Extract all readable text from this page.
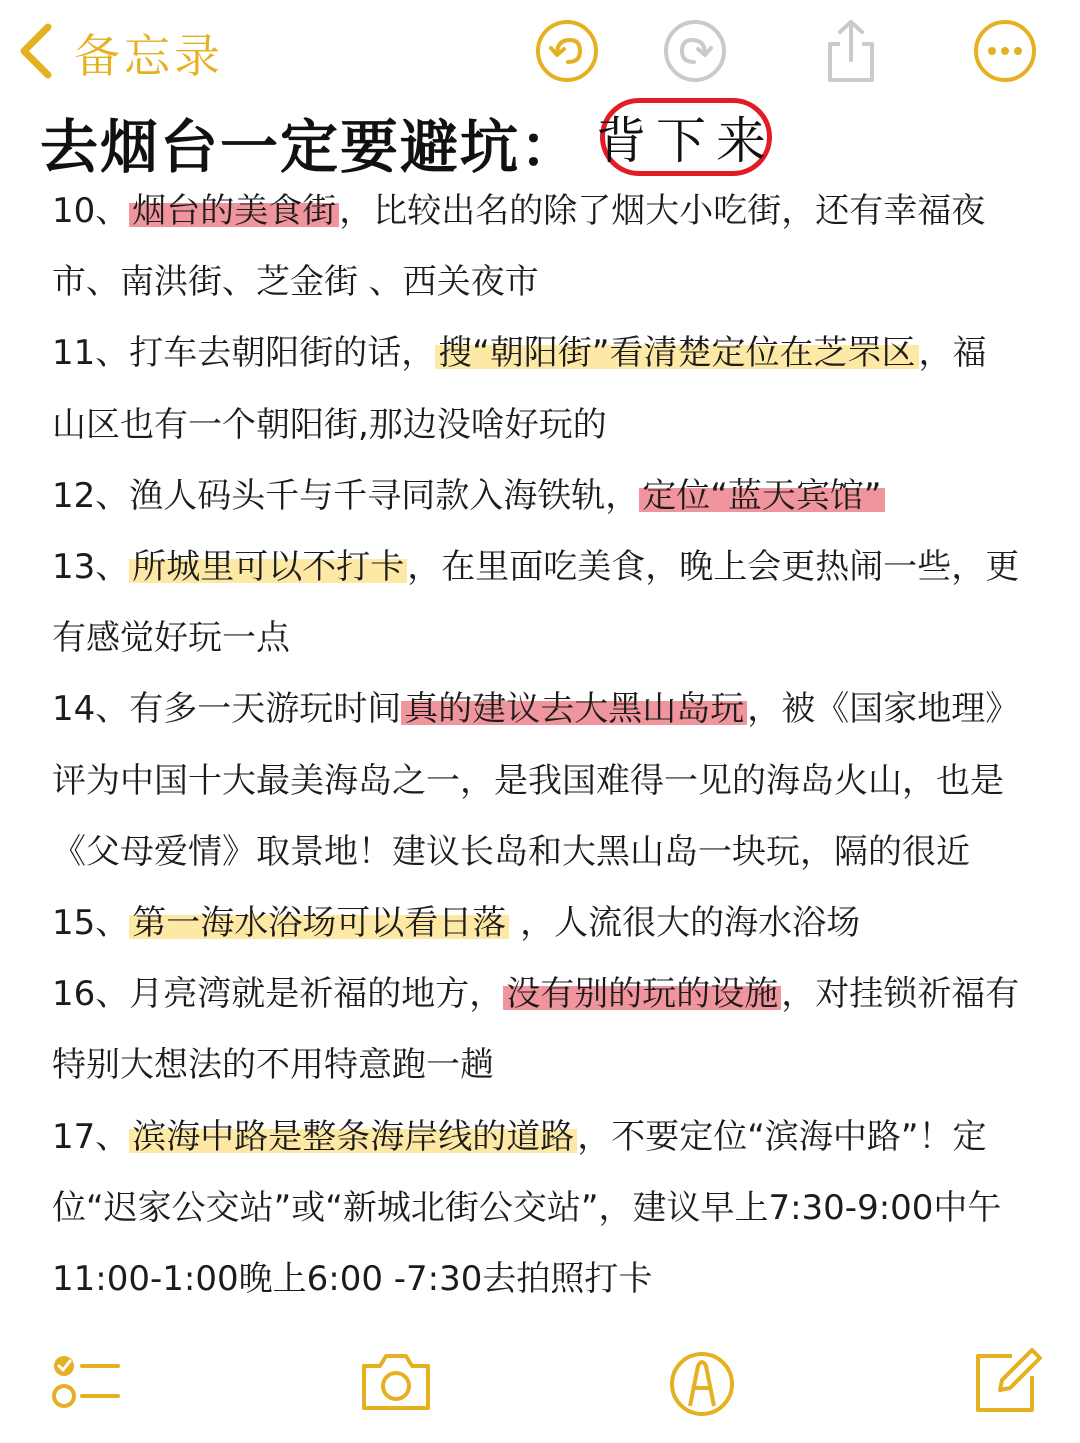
备忘录
去烟台一定要避坑： 背下来
10、烟台的美食街，比较出名的除了烟大小吃街，还有幸福夜
市、南洪街、芝金街 、西关夜市
11、打车去朝阳街的话，搜“朝阳街”看清楚定位在芝罘区，福
山区也有一个朝阳街,那边没啥好玩的
12、渔人码头千与千寻同款入海铁轨，定位“蓝天宾馆”
13、所城里可以不打卡，在里面吃美食，晚上会更热闹一些，更
有感觉好玩一点
14、有多一天游玩时间真的建议去大黑山岛玩，被《国家地理》
评为中国十大最美海岛之一，是我国难得一见的海岛火山，也是
《父母爱情》取景地！建议长岛和大黑山岛一块玩，隔的很近
15、第一海水浴场可以看日落 ，人流很大的海水浴场
16、月亮湾就是祈福的地方，没有别的玩的设施，对挂锁祈福有
特别大想法的不用特意跑一趟
17、滨海中路是整条海岸线的道路，不要定位“滨海中路”！定
位“迟家公交站”或“新城北街公交站”，建议早上7:30-9:00中午
11:00-1:00晚上6:00 -7:30去拍照打卡
